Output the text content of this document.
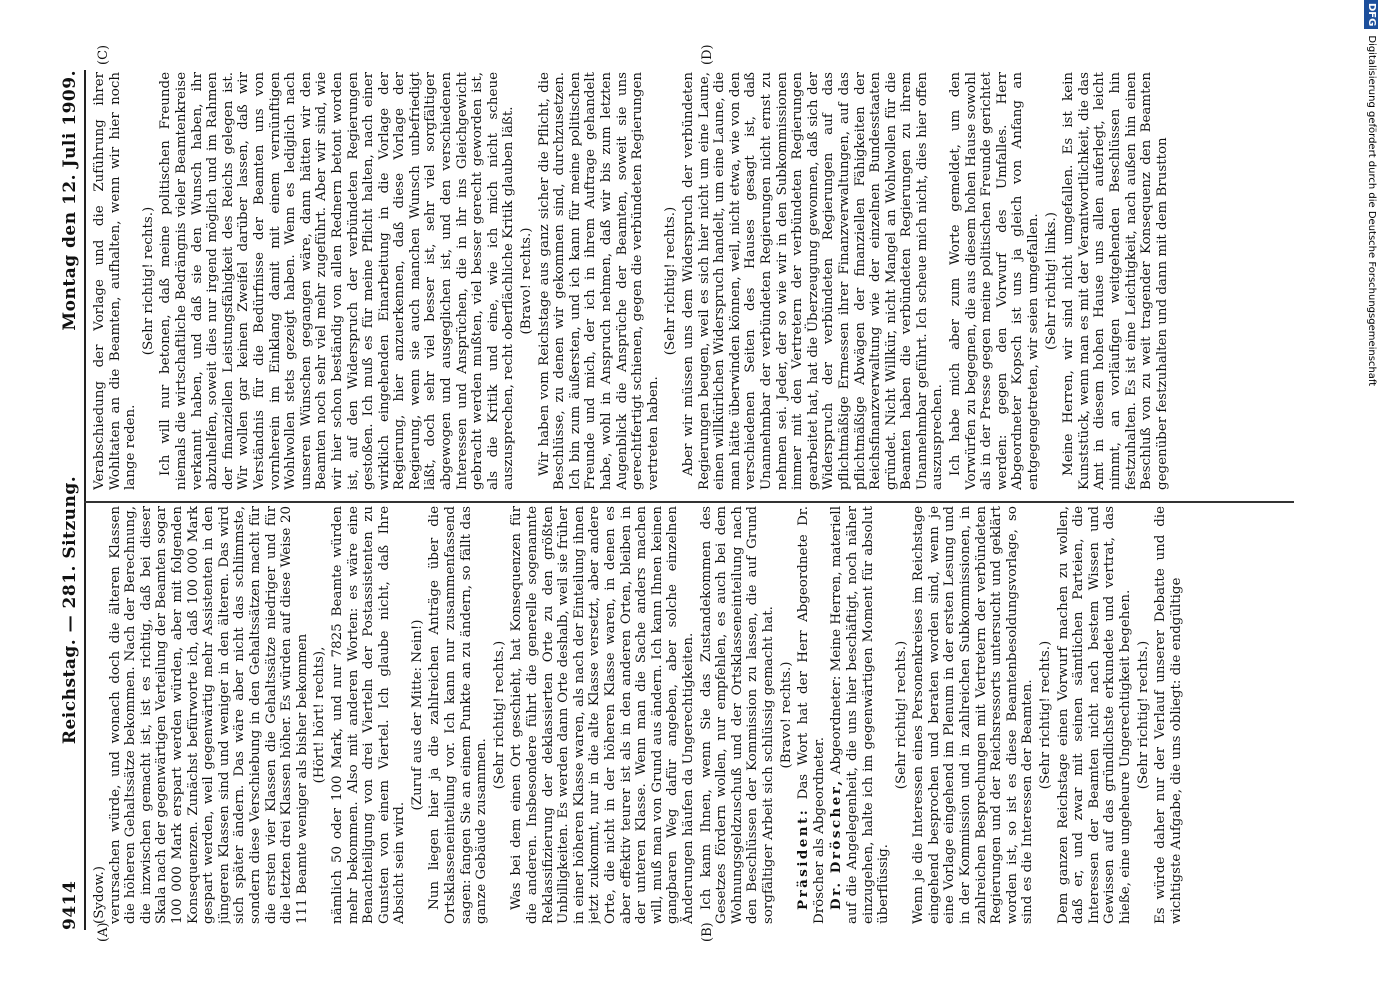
9414
Reichstag. — 281. Sitzung.
Montag den 12. Juli 1909.
(A)	(B)
(C)	(D)
(Sydow.) verursachen würde, und wonach doch die älteren Klassen die höheren Gehaltssätze bekommen. Nach der Berechnung, die inzwischen gemacht ist, ist es richtig, daß bei dieser Skala nach der gegenwärtigen Verteilung der Beamten sogar 100 000 Mark erspart werden würden, aber mit folgenden Konsequenzen. Zunächst befürworte ich, daß 100 000 Mark gespart werden, weil gegenwärtig mehr Assistenten in den jüngeren Klassen sind und weniger in den älteren. Das wird sich später ändern. Das wäre aber nicht das schlimmste, sondern diese Verschiebung in den Gehaltssätzen macht für die ersten vier Klassen die Gehaltssätze niedriger und für die letzten drei Klassen höher. Es würden auf diese Weise 20 111 Beamte weniger als bisher bekommen (Hört! hört! rechts), nämlich 50 oder 100 Mark, und nur 7825 Beamte würden mehr bekommen. Also mit anderen Worten: es wäre eine Benachteiligung von drei Vierteln der Postassistenten zu Gunsten von einem Viertel. Ich glaube nicht, daß Ihre Absicht sein wird.

(Zuruf aus der Mitte: Nein!) Nun liegen hier ja die zahlreichen Anträge über die Ortsklasseneinteilung vor. Ich kann nur zusammenfassend sagen: fangen Sie an einem Punkte an zu ändern, so fällt das ganze Gebäude zusammen.

(Sehr richtig! rechts.) Was bei dem einen Ort geschieht, hat Konsequenzen für die anderen. Insbesondere führt die generelle sogenannte Reklassifizierung der deklassierten Orte zu den größten Unbilligkeiten. Es werden dann Orte deshalb, weil sie früher in einer höheren Klasse waren, als nach der Einteilung ihnen jetzt zukommt, nur in die alte Klasse versetzt, aber andere Orte, die nicht in der höheren Klasse waren, in denen es aber effektiv teurer ist als in den anderen Orten, bleiben in der unteren Klasse. Wenn man die Sache anders machen will, muß man von Grund aus ändern. Ich kann Ihnen keinen gangbaren Weg dafür angeben, aber solche einzelnen Änderungen häufen da Ungerechtigkeiten. Ich kann Ihnen, wenn Sie das Zustandekommen des Gesetzes fördern wollen, nur empfehlen, es auch bei dem Wohnungsgeldzuschuß und der Ortsklasseneinteilung nach den Beschlüssen der Kommission zu lassen, die auf Grund sorgfältiger Arbeit sich schlüssig gemacht hat. (Bravo! rechts.)

Präsident: Das Wort hat der Herr Abgeordnete Dr. Dröscher als Abgeordneter. Dr. Dröscher, Abgeordneter: Meine Herren, materiell auf die Angelegenheit, die uns hier beschäftigt, noch näher einzugehen, halte ich im gegenwärtigen Moment für absolut überflüssig.

(Sehr richtig! rechts.) Wenn je die Interessen eines Personenkreises im Reichstage eingehend besprochen und beraten worden sind, wenn je eine Vorlage eingehend im Plenum in der ersten Lesung und in der Kommission und in zahlreichen Subkommissionen, in zahlreichen Besprechungen mit Vertretern der verbündeten Regierungen und der Reichsressorts untersucht und geklärt worden ist, so ist es diese Beamtenbesoldungsvorlage, so sind es die Interessen der Beamten. (Sehr richtig! rechts.) Dem ganzen Reichstage einen Vorwurf machen zu wollen, daß er, und zwar mit seinen sämtlichen Parteien, die Interessen der Beamten nicht nach bestem Wissen und Gewissen auf das gründlichste erkundete und vertrat, das hieße, eine ungeheure Ungerechtigkeit begehen. (Sehr richtig! rechts.) Es würde daher nur der Verlauf unserer Debatte und die wichtigste Aufgabe, die uns obliegt: die endgültige

Verabschiedung der Vorlage und die Zuführung ihrer Wohltaten an die Beamten, aufhalten, wenn wir hier noch lange reden.

(Sehr richtig! rechts.) Ich will nur betonen, daß meine politischen Freunde niemals die wirtschaftliche Bedrängnis vieler Beamtenkreise verkannt haben, und daß sie den Wunsch haben, ihr abzuhelfen, soweit dies nur irgend möglich und im Rahmen der finanziellen Leistungsfähigkeit des Reichs gelegen ist. Wir wollen gar keinen Zweifel darüber lassen, daß wir Verständnis für die Bedürfnisse der Beamten uns von vornherein im Einklang damit mit einem vernünftigen Wohlwollen stets gezeigt haben. Wenn es lediglich nach unseren Wünschen gegangen wäre, dann hätten wir den Beamten noch sehr viel mehr zugeführt. Aber wir sind, wie wir hier schon beständig von allen Rednern betont worden ist, auf den Widerspruch der verbündeten Regierungen gestoßen. Ich muß es für meine Pflicht halten, nach einer wirklich eingehenden Einarbeitung in die Vorlage der Regierung, hier anzuerkennen, daß diese Vorlage der Regierung, wenn sie auch manchen Wunsch unbefriedigt läßt, doch sehr viel besser ist, sehr viel sorgfältiger abgewogen und ausgeglichen ist, und den verschiedenen Interessen und Ansprüchen, die in ihr ins Gleichgewicht gebracht werden mußten, viel besser gerecht geworden ist, als die Kritik und eine, wie ich mich nicht scheue auszusprechen, recht oberflächliche Kritik glauben läßt. (Bravo! rechts.) Wir haben vom Reichstage aus ganz sicher die Pflicht, die Beschlüsse, zu denen wir gekommen sind, durchzusetzen. Ich bin zum äußersten, und ich kann für meine politischen Freunde und mich, der ich in ihrem Auftrage gehandelt habe, wohl in Anspruch nehmen, daß wir bis zum letzten Augenblick die Ansprüche der Beamten, soweit sie uns gerechtfertigt schienen, gegen die verbündeten Regierungen vertreten haben.

(Sehr richtig! rechts.) Aber wir müssen uns dem Widerspruch der verbündeten Regierungen beugen, weil es sich hier nicht um eine Laune, einen willkürlichen Widerspruch handelt, um eine Laune, die man hätte überwinden können, weil, nicht etwa, wie von den verschiedenen Seiten des Hauses gesagt ist, daß Unannehmbar der verbündeten Regierungen nicht ernst zu nehmen sei. Jeder, der so wie wir in den Subkommissionen immer mit den Vertretern der verbündeten Regierungen gearbeitet hat, hat die Überzeugung gewonnen, daß sich der Widerspruch der verbündeten Regierungen auf das pflichtmäßige Ermessen ihrer Finanzverwaltungen, auf das pflichtmäßige Abwägen der finanziellen Fähigkeiten der Reichsfinanzverwaltung wie der einzelnen Bundesstaaten gründet. Nicht Willkür, nicht Mangel an Wohlwollen für die Beamten haben die verbündeten Regierungen zu ihrem Unannehmbar geführt. Ich scheue mich nicht, dies hier offen auszusprechen. Ich habe mich aber zum Worte gemeldet, um den Vorwürfen zu begegnen, die aus diesem hohen Hause sowohl als in der Presse gegen meine politischen Freunde gerichtet werden: gegen den Vorwurf des Umfalles. Herr Abgeordneter Kopsch ist uns ja gleich von Anfang an entgegengetreten, wir seien umgefallen. (Sehr richtig! links.) Meine Herren, wir sind nicht umgefallen. Es ist kein Kunststück, wenn man es mit der Verantwortlichkeit, die das Amt in diesem hohen Hause uns allen auferlegt, leicht nimmt, an vorläufigen weitgehenden Beschlüssen hin festzuhalten. Es ist eine Leichtigkeit, nach außen hin einen Beschluß von zu weit tragender Konsequenz den Beamten gegenüber festzuhalten und dann mit dem Brustton

DFGDigitalisierung gefördert durch die Deutsche Forschungsgemeinschaft
